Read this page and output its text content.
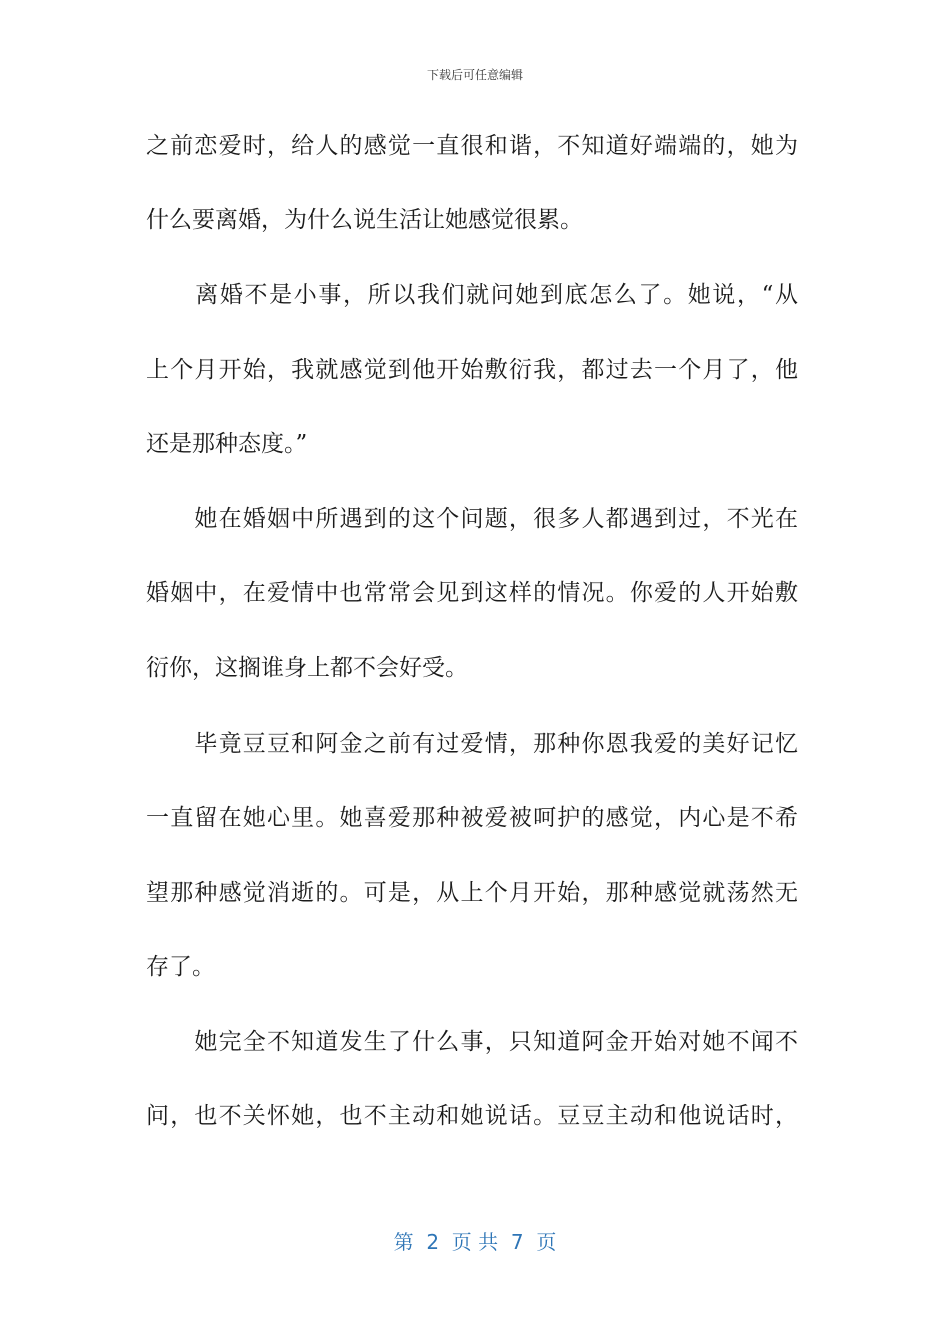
下载后可任意编辑
之前恋爱时，给人的感觉一直很和谐，不知道好端端的，她为
什么要离婚，为什么说生活让她感觉很累。
　　离婚不是小事，所以我们就问她到底怎么了。她说，“从
上个月开始，我就感觉到他开始敷衍我，都过去一个月了，他
还是那种态度。”
　　她在婚姻中所遇到的这个问题，很多人都遇到过，不光在
婚姻中，在爱情中也常常会见到这样的情况。你爱的人开始敷
衍你，这搁谁身上都不会好受。
　　毕竟豆豆和阿金之前有过爱情，那种你恩我爱的美好记忆
一直留在她心里。她喜爱那种被爱被呵护的感觉，内心是不希
望那种感觉消逝的。可是，从上个月开始，那种感觉就荡然无
存了。
　　她完全不知道发生了什么事，只知道阿金开始对她不闻不
问，也不关怀她，也不主动和她说话。豆豆主动和他说话时，
第  2  页 共  7  页
